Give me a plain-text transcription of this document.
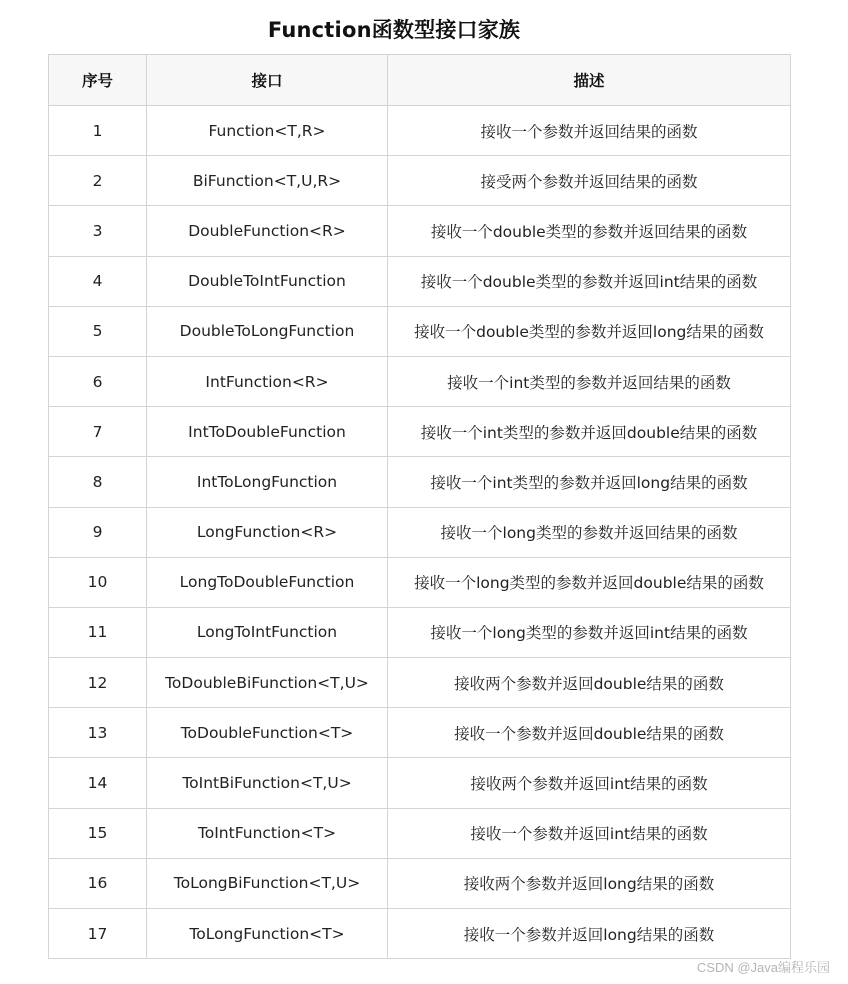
Function函数型接口家族
序号	接口	描述
1	Function<T,R>	接收一个参数并返回结果的函数
2	BiFunction<T,U,R>	接受两个参数并返回结果的函数
3	DoubleFunction<R>	接收一个double类型的参数并返回结果的函数
4	DoubleToIntFunction	接收一个double类型的参数并返回int结果的函数
5	DoubleToLongFunction	接收一个double类型的参数并返回long结果的函数
6	IntFunction<R>	接收一个int类型的参数并返回结果的函数
7	IntToDoubleFunction	接收一个int类型的参数并返回double结果的函数
8	IntToLongFunction	接收一个int类型的参数并返回long结果的函数
9	LongFunction<R>	接收一个long类型的参数并返回结果的函数
10	LongToDoubleFunction	接收一个long类型的参数并返回double结果的函数
11	LongToIntFunction	接收一个long类型的参数并返回int结果的函数
12	ToDoubleBiFunction<T,U>	接收两个参数并返回double结果的函数
13	ToDoubleFunction<T>	接收一个参数并返回double结果的函数
14	ToIntBiFunction<T,U>	接收两个参数并返回int结果的函数
15	ToIntFunction<T>	接收一个参数并返回int结果的函数
16	ToLongBiFunction<T,U>	接收两个参数并返回long结果的函数
17	ToLongFunction<T>	接收一个参数并返回long结果的函数
CSDN @Java编程乐园
